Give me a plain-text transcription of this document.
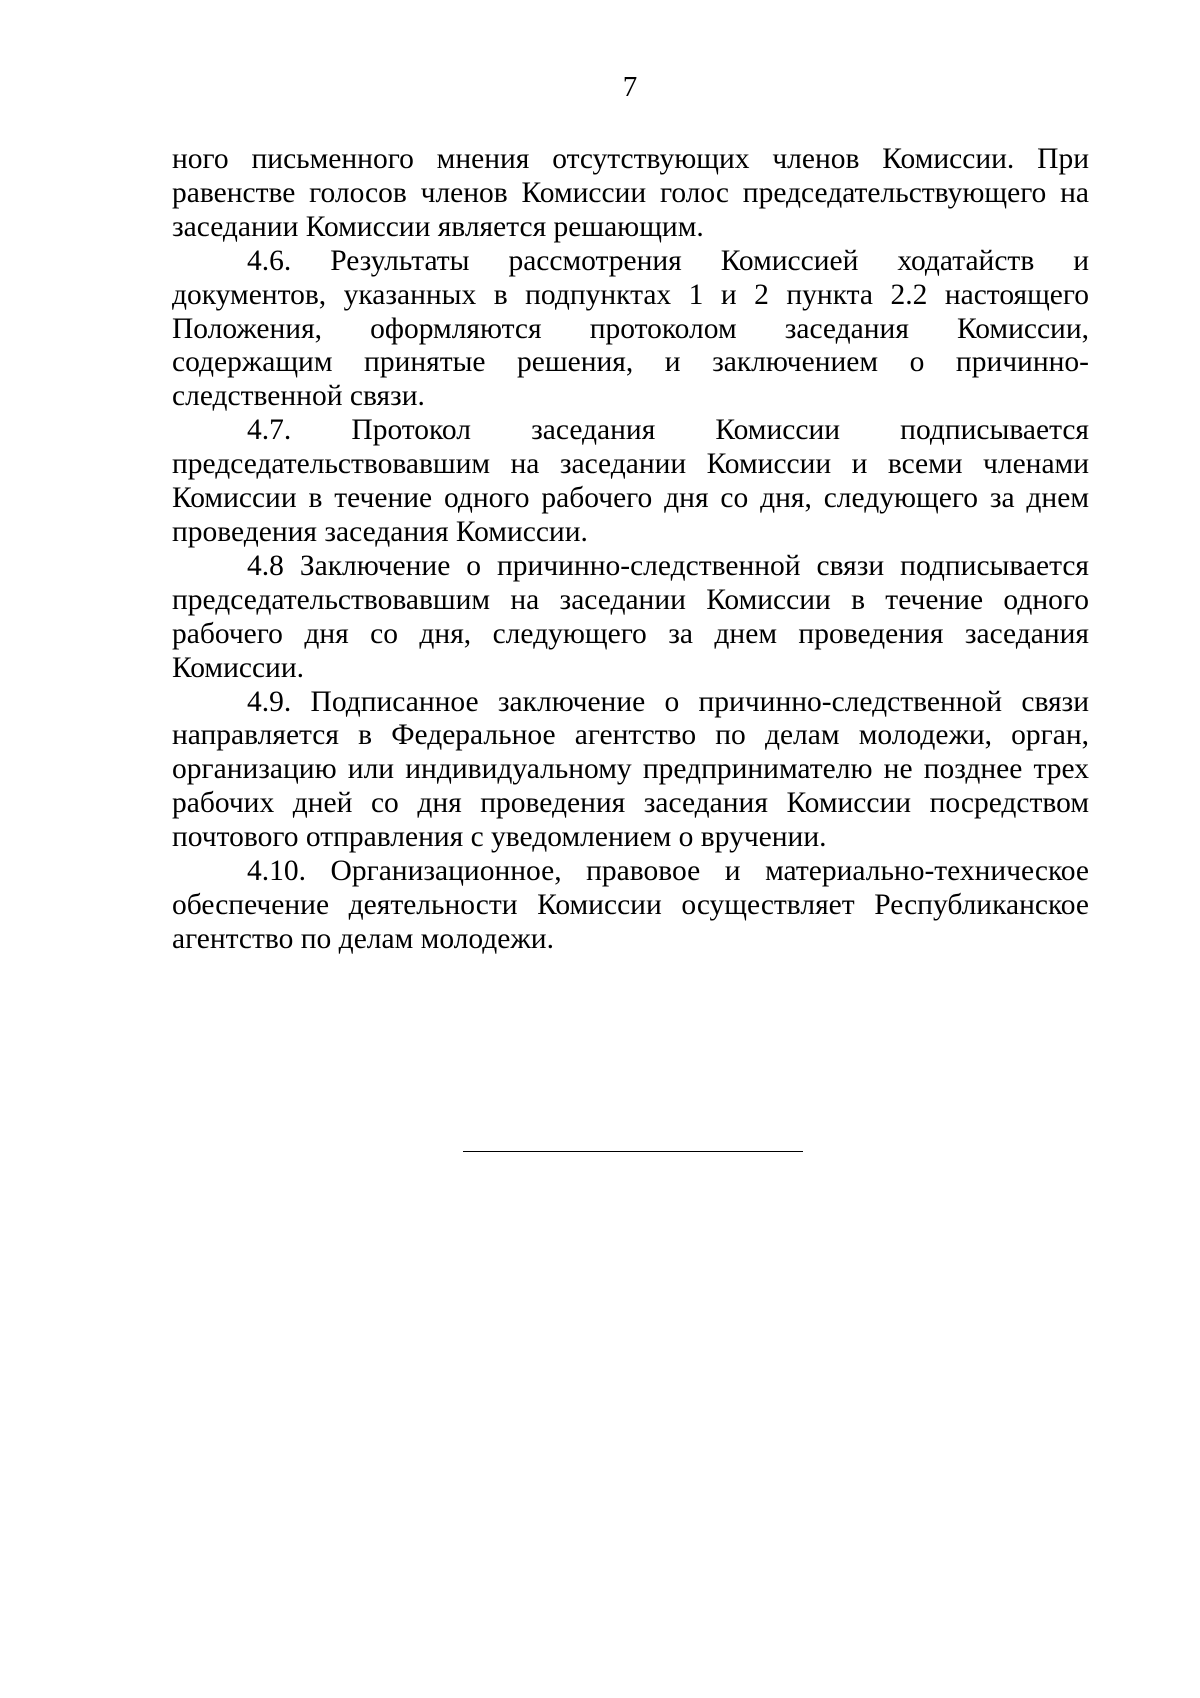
7

ного письменного мнения отсутствующих членов Комиссии. При равенстве голосов членов Комиссии голос председательствующего на заседании Комиссии является решающим.

4.6. Результаты рассмотрения Комиссией ходатайств и документов, указанных в подпунктах 1 и 2 пункта 2.2 настоящего Положения, оформляются протоколом заседания Комиссии, содержащим принятые решения, и заключением о причинно-следственной связи.

4.7. Протокол заседания Комиссии подписывается председательствовавшим на заседании Комиссии и всеми членами Комиссии в течение одного рабочего дня со дня, следующего за днем проведения заседания Комиссии.

4.8 Заключение о причинно-следственной связи подписывается председательствовавшим на заседании Комиссии в течение одного рабочего дня со дня, следующего за днем проведения заседания Комиссии.

4.9. Подписанное заключение о причинно-следственной связи направляется в Федеральное агентство по делам молодежи, орган, организацию или индивидуальному предпринимателю не позднее трех рабочих дней со дня проведения заседания Комиссии посредством почтового отправления с уведомлением о вручении.

4.10. Организационное, правовое и материально-техническое обеспечение деятельности Комиссии осуществляет Республиканское агентство по делам молодежи.
